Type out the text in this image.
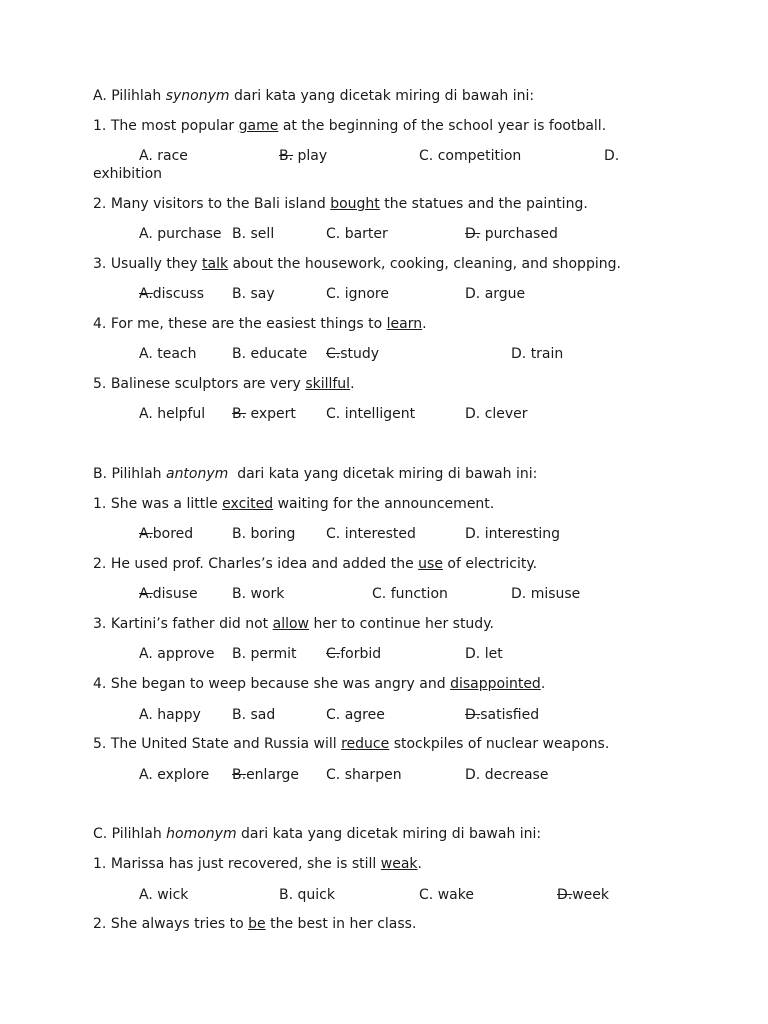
A. Pilihlah synonym dari kata yang dicetak miring di bawah ini:
1. The most popular game at the beginning of the school year is football.
A. race	B. play	C. competition	D.
exhibition
2. Many visitors to the Bali island bought the statues and the painting.
A. purchase B. sell	C. barter	D. purchased
3. Usually they talk about the housework, cooking, cleaning, and shopping.
A.discuss B. say	C. ignore	D. argue
4. For me, these are the easiest things to learn.
A. teach	B. educate C.study	D. train
5. Balinese sculptors are very skillful.
A. helpful B. expert C. intelligent	D. clever
B. Pilihlah antonym dari kata yang dicetak miring di bawah ini:
1. She was a little excited waiting for the announcement.
A.bored	B. boring C. interested	D. interesting
2. He used prof. Charles’s idea and added the use of electricity.
A.disuse B. work	C. function	D. misuse
3. Kartini’s father did not allow her to continue her study.
A. approve B. permit C.forbid	D. let
4. She began to weep because she was angry and disappointed.
A. happy B. sad	C. agree	D.satisfied
5. The United State and Russia will reduce stockpiles of nuclear weapons.
A. explore B.enlarge C. sharpen	D. decrease
C. Pilihlah homonym dari kata yang dicetak miring di bawah ini:
1. Marissa has just recovered, she is still weak.
A. wick	B. quick	C. wake	D.week
2. She always tries to be the best in her class.
